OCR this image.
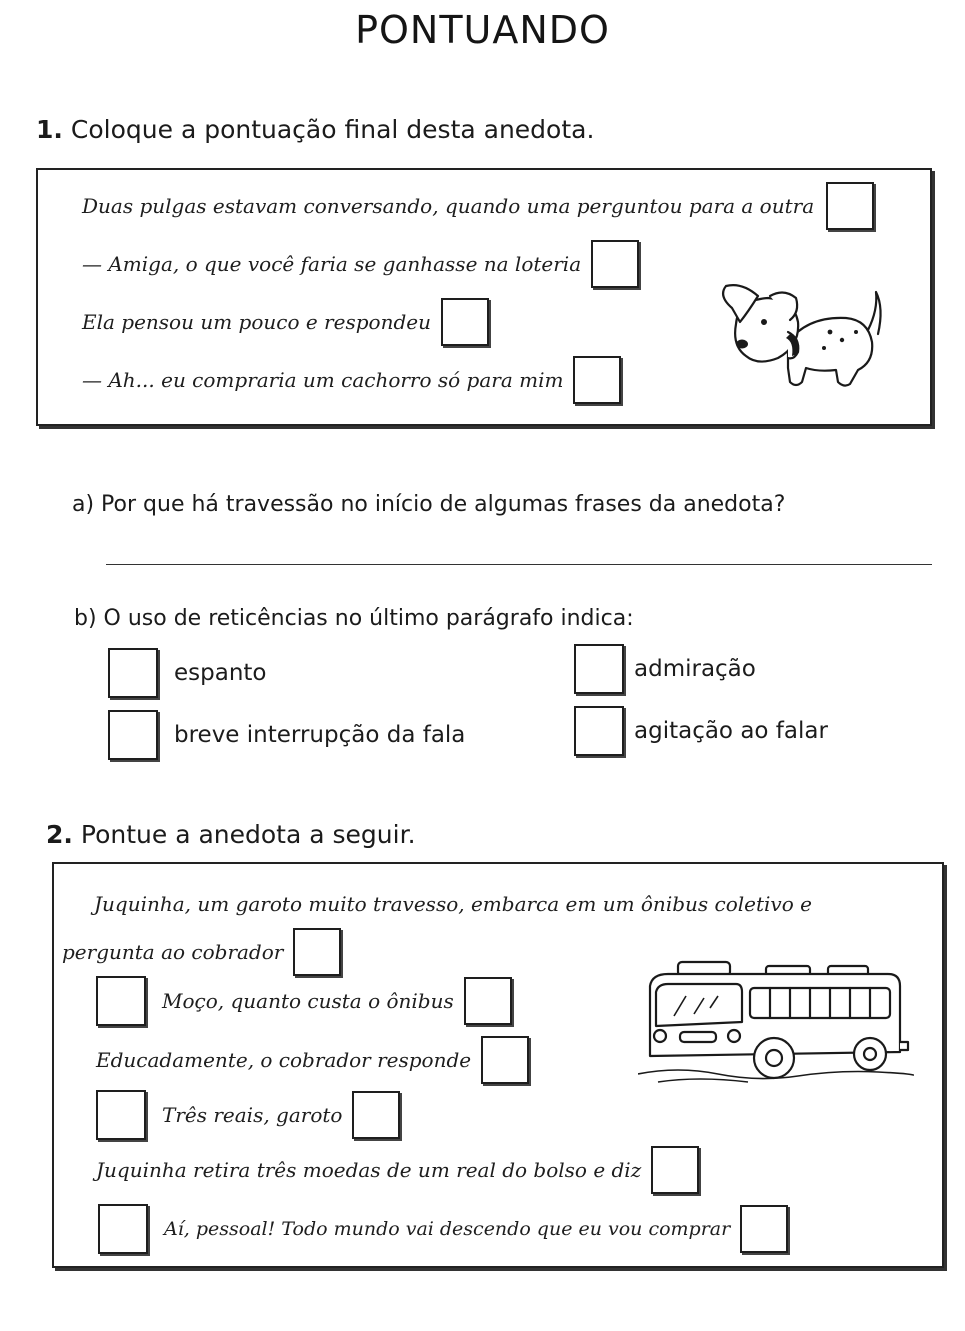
PONTUANDO
1. Coloque a pontuação final desta anedota.
Duas pulgas estavam conversando, quando uma perguntou para a outra
— Amiga, o que você faria se ganhasse na loteria
Ela pensou um pouco e respondeu
— Ah... eu compraria um cachorro só para mim
a) Por que há travessão no início de algumas frases da anedota?
b) O uso de reticências no último parágrafo indica:
espanto	admiração
breve interrupção da fala	agitação ao falar
2. Pontue a anedota a seguir.
Juquinha, um garoto muito travesso, embarca em um ônibus coletivo e
pergunta ao cobrador
Moço, quanto custa o ônibus
Educadamente, o cobrador responde
Três reais, garoto
Juquinha retira três moedas de um real do bolso e diz
Aí, pessoal! Todo mundo vai descendo que eu vou comprar
